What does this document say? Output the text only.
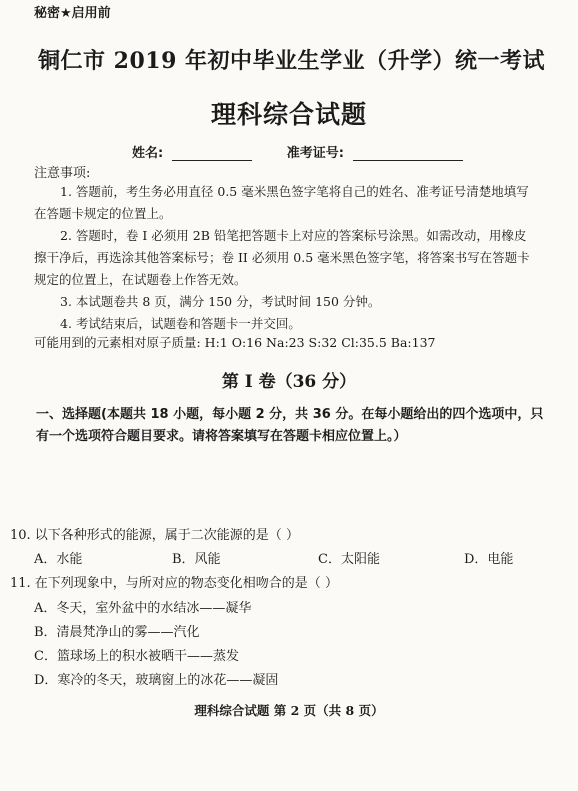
秘密★启用前
铜仁市 2019 年初中毕业生学业（升学）统一考试
理科综合试题
姓名:	准考证号:
注意事项:
1. 答题前，考生务必用直径 0.5 毫米黑色签字笔将自己的姓名、准考证号清楚地填写
在答题卡规定的位置上。
2. 答题时，卷 I 必须用 2B 铅笔把答题卡上对应的答案标号涂黑。如需改动，用橡皮
擦干净后，再选涂其他答案标号；卷 II 必须用 0.5 毫米黑色签字笔，将答案书写在答题卡
规定的位置上，在试题卷上作答无效。
3. 本试题卷共 8 页，满分 150 分，考试时间 150 分钟。
4. 考试结束后，试题卷和答题卡一并交回。
可能用到的元素相对原子质量: H:1 O:16 Na:23 S:32 Cl:35.5 Ba:137
第 I 卷（36 分）
一、选择题(本题共 18 小题，每小题 2 分，共 36 分。在每小题给出的四个选项中，只有一个选项符合题目要求。请将答案填写在答题卡相应位置上。）
10. 以下各种形式的能源，属于二次能源的是（ ）
A．水能	B．风能	C．太阳能	D．电能
11. 在下列现象中，与所对应的物态变化相吻合的是（ ）
A．冬天，室外盆中的水结冰——凝华
B．清晨梵净山的雾——汽化
C．篮球场上的积水被晒干——蒸发
D．寒冷的冬天，玻璃窗上的冰花——凝固
理科综合试题 第 2 页（共 8 页）
